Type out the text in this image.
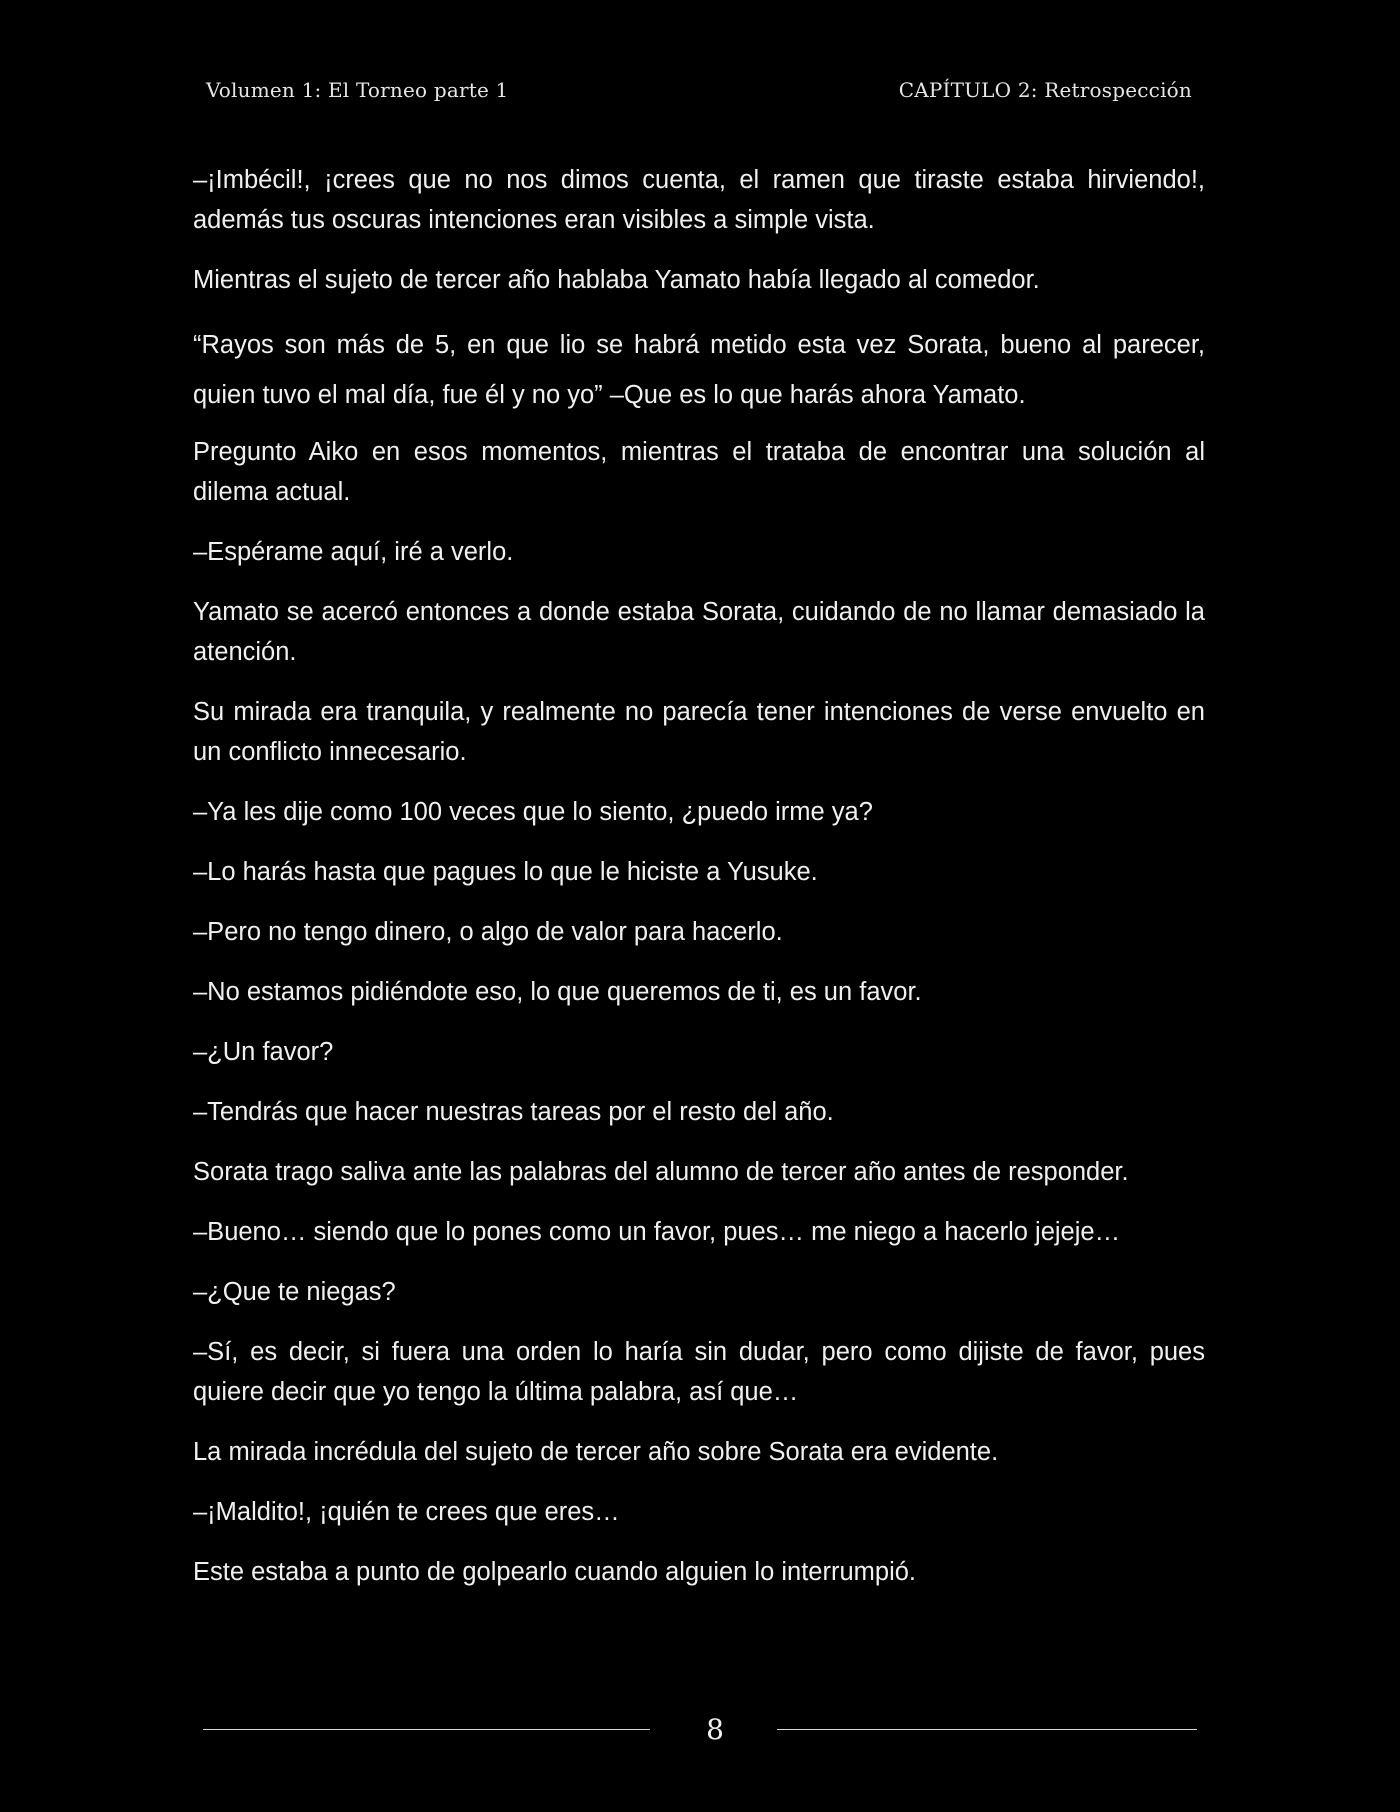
Volumen 1: El Torneo parte 1	CAPÍTULO 2: Retrospección

–¡Imbécil!, ¡crees que no nos dimos cuenta, el ramen que tiraste estaba hirviendo!, además tus oscuras intenciones eran visibles a simple vista.

Mientras el sujeto de tercer año hablaba Yamato había llegado al comedor.

“Rayos son más de 5, en que lio se habrá metido esta vez Sorata, bueno al parecer, quien tuvo el mal día, fue él y no yo” –Que es lo que harás ahora Yamato.

Pregunto Aiko en esos momentos, mientras el trataba de encontrar una solución al dilema actual.

–Espérame aquí, iré a verlo.

Yamato se acercó entonces a donde estaba Sorata, cuidando de no llamar demasiado la atención.

Su mirada era tranquila, y realmente no parecía tener intenciones de verse envuelto en un conflicto innecesario.

–Ya les dije como 100 veces que lo siento, ¿puedo irme ya?

–Lo harás hasta que pagues lo que le hiciste a Yusuke.

–Pero no tengo dinero, o algo de valor para hacerlo.

–No estamos pidiéndote eso, lo que queremos de ti, es un favor.

–¿Un favor?

–Tendrás que hacer nuestras tareas por el resto del año.

Sorata trago saliva ante las palabras del alumno de tercer año antes de responder.

–Bueno… siendo que lo pones como un favor, pues… me niego a hacerlo jejeje…

–¿Que te niegas?

–Sí, es decir, si fuera una orden lo haría sin dudar, pero como dijiste de favor, pues quiere decir que yo tengo la última palabra, así que…

La mirada incrédula del sujeto de tercer año sobre Sorata era evidente.

–¡Maldito!, ¡quién te crees que eres…

Este estaba a punto de golpearlo cuando alguien lo interrumpió.

8
